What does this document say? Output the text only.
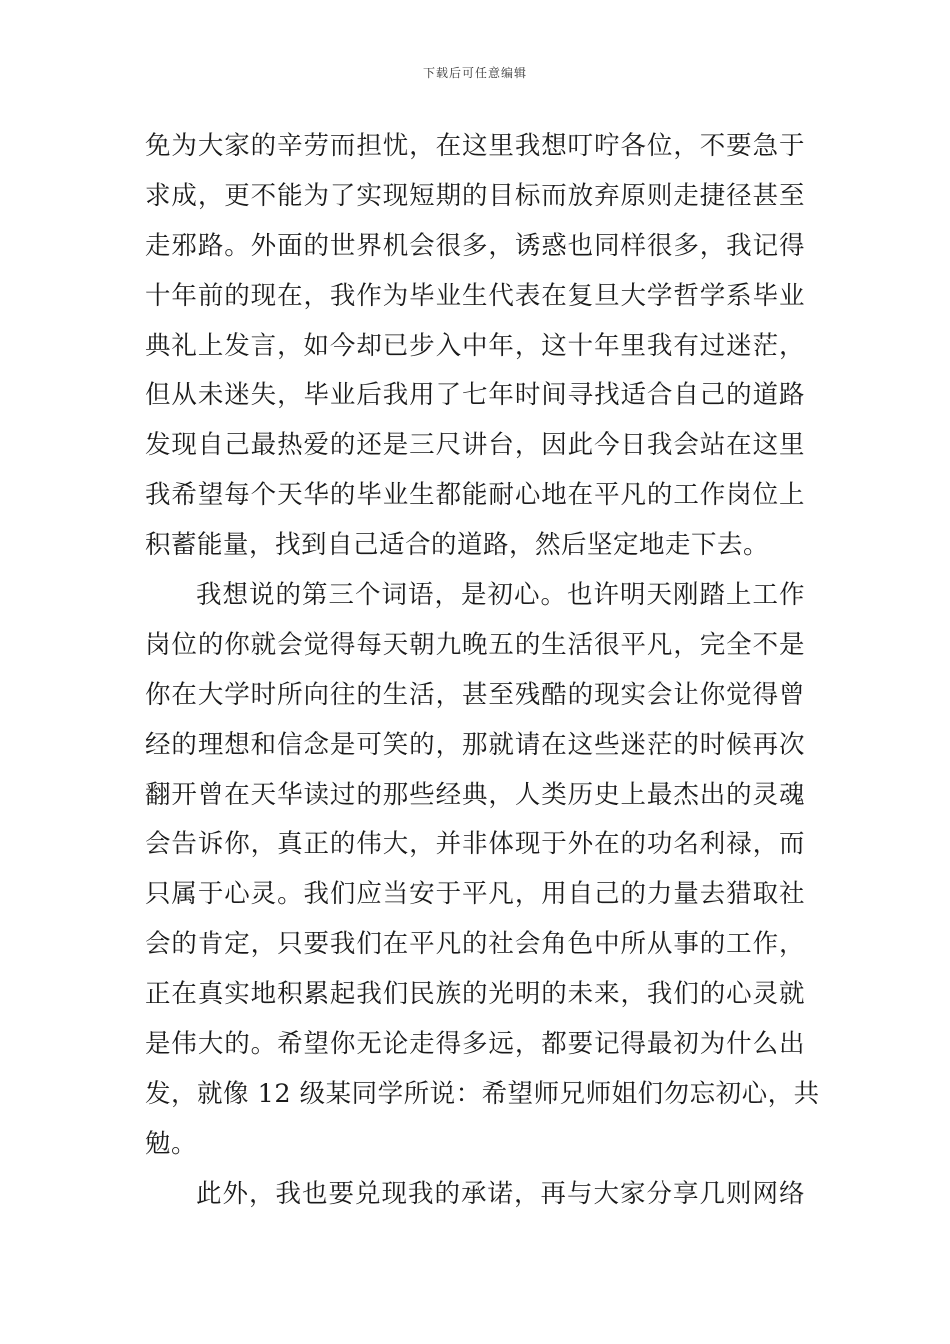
下载后可任意编辑
免为大家的辛劳而担忧，在这里我想叮咛各位，不要急于
求成，更不能为了实现短期的目标而放弃原则走捷径甚至
走邪路。外面的世界机会很多，诱惑也同样很多，我记得
十年前的现在，我作为毕业生代表在复旦大学哲学系毕业
典礼上发言，如今却已步入中年，这十年里我有过迷茫，
但从未迷失，毕业后我用了七年时间寻找适合自己的道路
发现自己最热爱的还是三尺讲台，因此今日我会站在这里
我希望每个天华的毕业生都能耐心地在平凡的工作岗位上
积蓄能量，找到自己适合的道路，然后坚定地走下去。
我想说的第三个词语，是初心。也许明天刚踏上工作
岗位的你就会觉得每天朝九晚五的生活很平凡，完全不是
你在大学时所向往的生活，甚至残酷的现实会让你觉得曾
经的理想和信念是可笑的，那就请在这些迷茫的时候再次
翻开曾在天华读过的那些经典，人类历史上最杰出的灵魂
会告诉你，真正的伟大，并非体现于外在的功名利禄，而
只属于心灵。我们应当安于平凡，用自己的力量去猎取社
会的肯定，只要我们在平凡的社会角色中所从事的工作，
正在真实地积累起我们民族的光明的未来，我们的心灵就
是伟大的。希望你无论走得多远，都要记得最初为什么出
发，就像 12 级某同学所说：希望师兄师姐们勿忘初心，共
勉。
此外，我也要兑现我的承诺，再与大家分享几则网络
